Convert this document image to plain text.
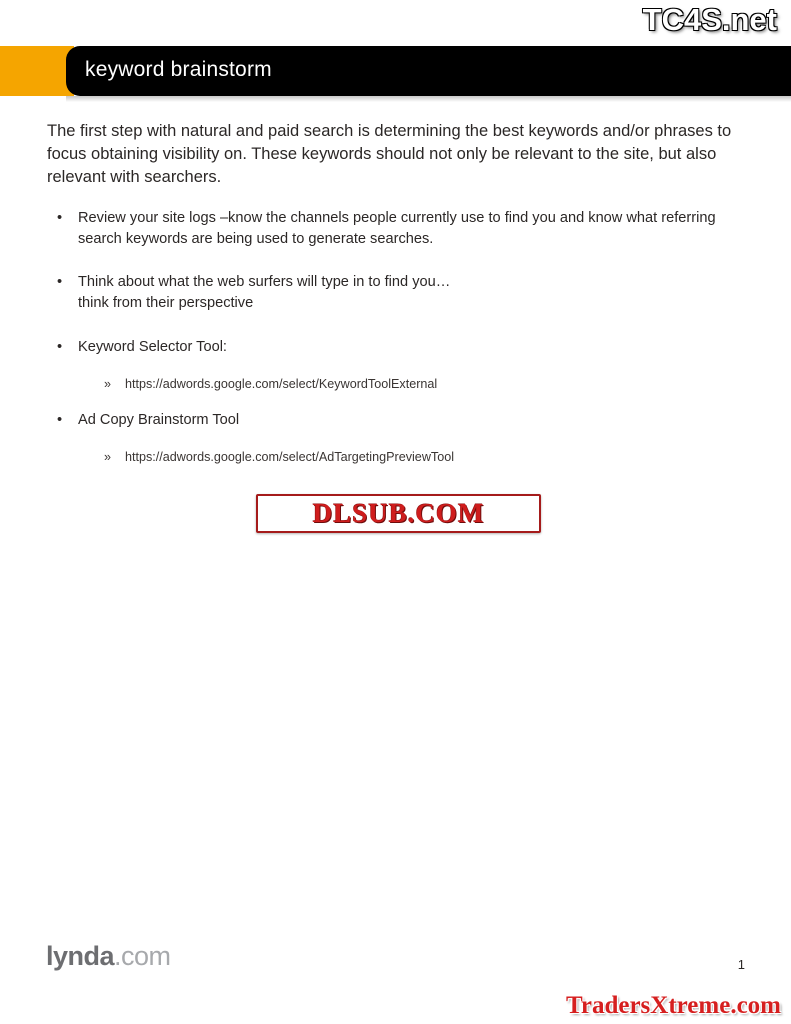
TC4S.net
keyword brainstorm
The first step with natural and paid search is determining the best keywords and/or phrases to focus obtaining visibility on. These keywords should not only be relevant to the site, but also relevant with searchers.
• Review your site logs –know the channels people currently use to find you and know what referring search keywords are being used to generate searches.
• Think about what the web surfers will type in to find you…
think from their perspective
• Keyword Selector Tool:
» https://adwords.google.com/select/KeywordToolExternal
• Ad Copy Brainstorm Tool
» https://adwords.google.com/select/AdTargetingPreviewTool
DLSUB.COM
lynda.com	1
TradersXtreme.com
